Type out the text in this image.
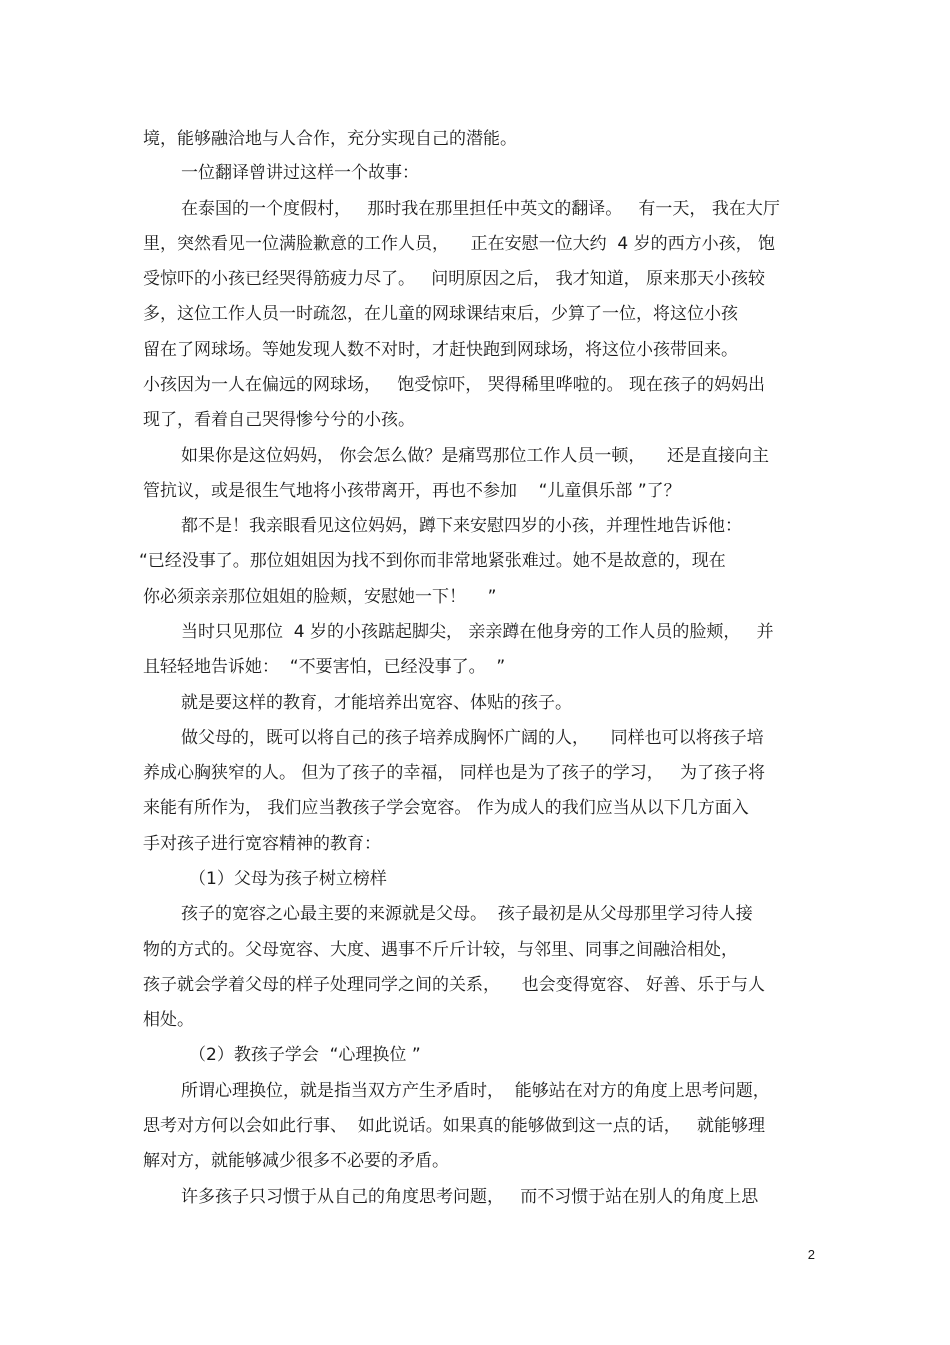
境，能够融洽地与人合作，充分实现自己的潜能。

一位翻译曾讲过这样一个故事：

在泰国的一个度假村，   那时我在那里担任中英文的翻译。   有一天， 我在大厅

里，突然看见一位满脸歉意的工作人员，    正在安慰一位大约  4 岁的西方小孩， 饱

受惊吓的小孩已经哭得筋疲力尽了。   问明原因之后， 我才知道， 原来那天小孩较

多，这位工作人员一时疏忽，在儿童的网球课结束后，少算了一位，将这位小孩

留在了网球场。等她发现人数不对时，才赶快跑到网球场，将这位小孩带回来。

小孩因为一人在偏远的网球场，   饱受惊吓， 哭得稀里哗啦的。 现在孩子的妈妈出

现了，看着自己哭得惨兮兮的小孩。

如果你是这位妈妈， 你会怎么做？是痛骂那位工作人员一顿，    还是直接向主

管抗议，或是很生气地将小孩带离开，再也不参加    “儿童俱乐部 ”了？

都不是！我亲眼看见这位妈妈，蹲下来安慰四岁的小孩，并理性地告诉他：

“已经没事了。那位姐姐因为找不到你而非常地紧张难过。她不是故意的，现在

你必须亲亲那位姐姐的脸颊，安慰她一下！    ”

当时只见那位  4 岁的小孩踮起脚尖， 亲亲蹲在他身旁的工作人员的脸颊，   并

且轻轻地告诉她：  “不要害怕，已经没事了。  ”

就是要这样的教育，才能培养出宽容、体贴的孩子。

做父母的，既可以将自己的孩子培养成胸怀广阔的人，    同样也可以将孩子培

养成心胸狭窄的人。 但为了孩子的幸福， 同样也是为了孩子的学习，   为了孩子将

来能有所作为， 我们应当教孩子学会宽容。 作为成人的我们应当从以下几方面入

手对孩子进行宽容精神的教育：

（1）父母为孩子树立榜样

孩子的宽容之心最主要的来源就是父母。  孩子最初是从父母那里学习待人接

物的方式的。父母宽容、大度、遇事不斤斤计较，与邻里、同事之间融洽相处，

孩子就会学着父母的样子处理同学之间的关系，    也会变得宽容、 好善、乐于与人

相处。

（2）教孩子学会  “心理换位 ”

所谓心理换位，就是指当双方产生矛盾时，  能够站在对方的角度上思考问题，

思考对方何以会如此行事、  如此说话。如果真的能够做到这一点的话，   就能够理

解对方，就能够减少很多不必要的矛盾。

许多孩子只习惯于从自己的角度思考问题，   而不习惯于站在别人的角度上思

2
